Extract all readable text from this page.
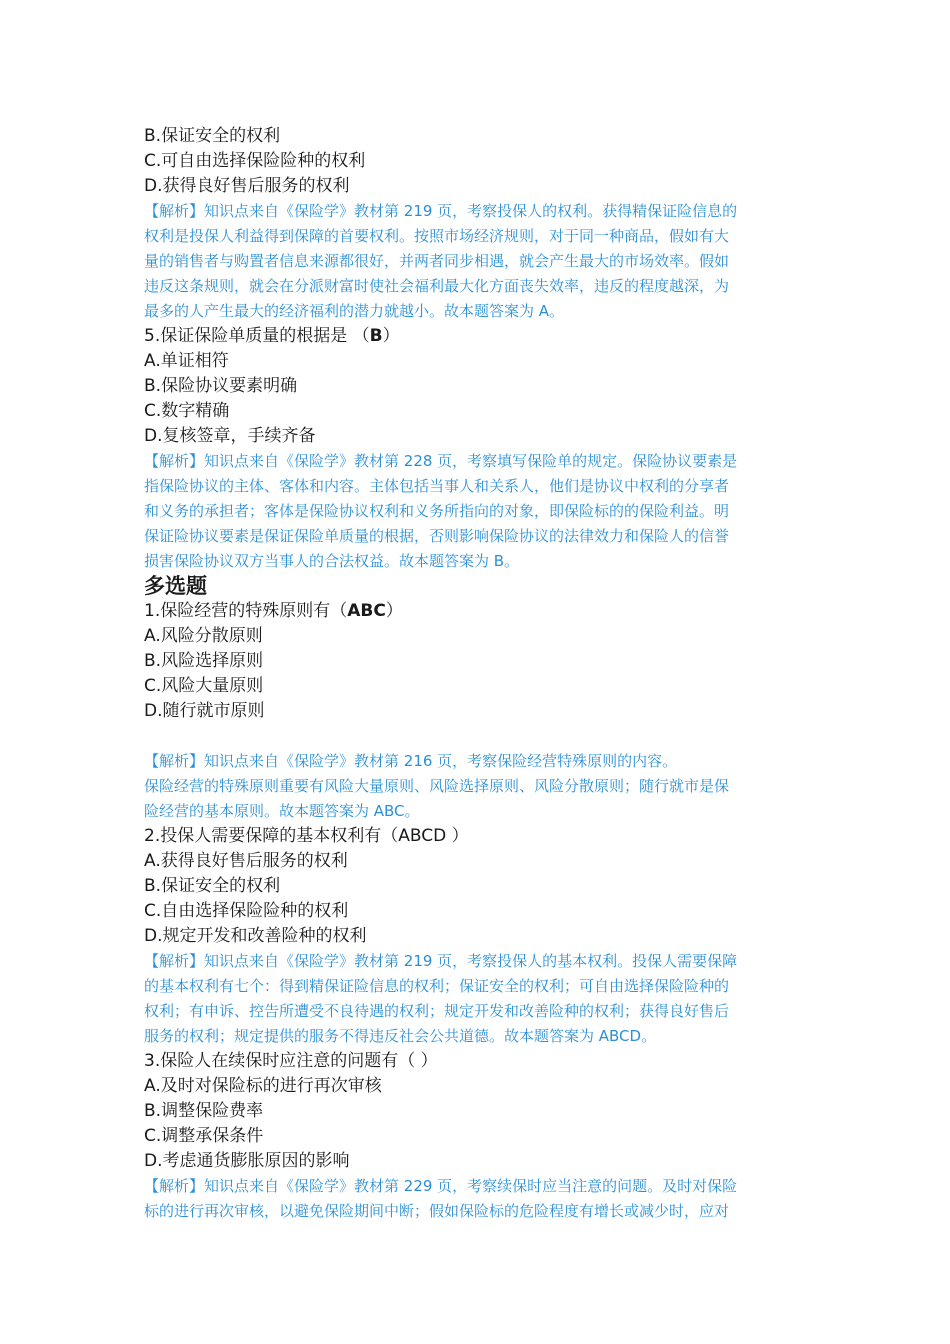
B.保证安全的权利
C.可自由选择保险险种的权利
D.获得良好售后服务的权利
【解析】知识点来自《保险学》教材第 219 页，考察投保人的权利。获得精保证险信息的
权利是投保人利益得到保障的首要权利。按照市场经济规则，对于同一种商品，假如有大
量的销售者与购置者信息来源都很好，并两者同步相遇，就会产生最大的市场效率。假如
违反这条规则，就会在分派财富时使社会福利最大化方面丧失效率，违反的程度越深，为
最多的人产生最大的经济福利的潜力就越小。故本题答案为 A。
5.保证保险单质量的根据是 （B）
A.单证相符
B.保险协议要素明确
C.数字精确
D.复核签章，手续齐备
【解析】知识点来自《保险学》教材第 228 页，考察填写保险单的规定。保险协议要素是
指保险协议的主体、客体和内容。主体包括当事人和关系人，他们是协议中权利的分享者
和义务的承担者；客体是保险协议权利和义务所指向的对象，即保险标的的保险利益。明
保证险协议要素是保证保险单质量的根据，否则影响保险协议的法律效力和保险人的信誉
损害保险协议双方当事人的合法权益。故本题答案为 B。
多选题
1.保险经营的特殊原则有（ABC）
A.风险分散原则
B.风险选择原则
C.风险大量原则
D.随行就市原则
【解析】知识点来自《保险学》教材第 216 页，考察保险经营特殊原则的内容。
保险经营的特殊原则重要有风险大量原则、风险选择原则、风险分散原则；随行就市是保
险经营的基本原则。故本题答案为 ABC。
2.投保人需要保障的基本权利有（ABCD ）
A.获得良好售后服务的权利
B.保证安全的权利
C.自由选择保险险种的权利
D.规定开发和改善险种的权利
【解析】知识点来自《保险学》教材第 219 页，考察投保人的基本权利。投保人需要保障
的基本权利有七个：得到精保证险信息的权利；保证安全的权利；可自由选择保险险种的
权利；有申诉、控告所遭受不良待遇的权利；规定开发和改善险种的权利；获得良好售后
服务的权利；规定提供的服务不得违反社会公共道德。故本题答案为 ABCD。
3.保险人在续保时应注意的问题有（ ）
A.及时对保险标的进行再次审核
B.调整保险费率
C.调整承保条件
D.考虑通货膨胀原因的影响
【解析】知识点来自《保险学》教材第 229 页，考察续保时应当注意的问题。及时对保险
标的进行再次审核，以避免保险期间中断；假如保险标的危险程度有增长或减少时，应对
